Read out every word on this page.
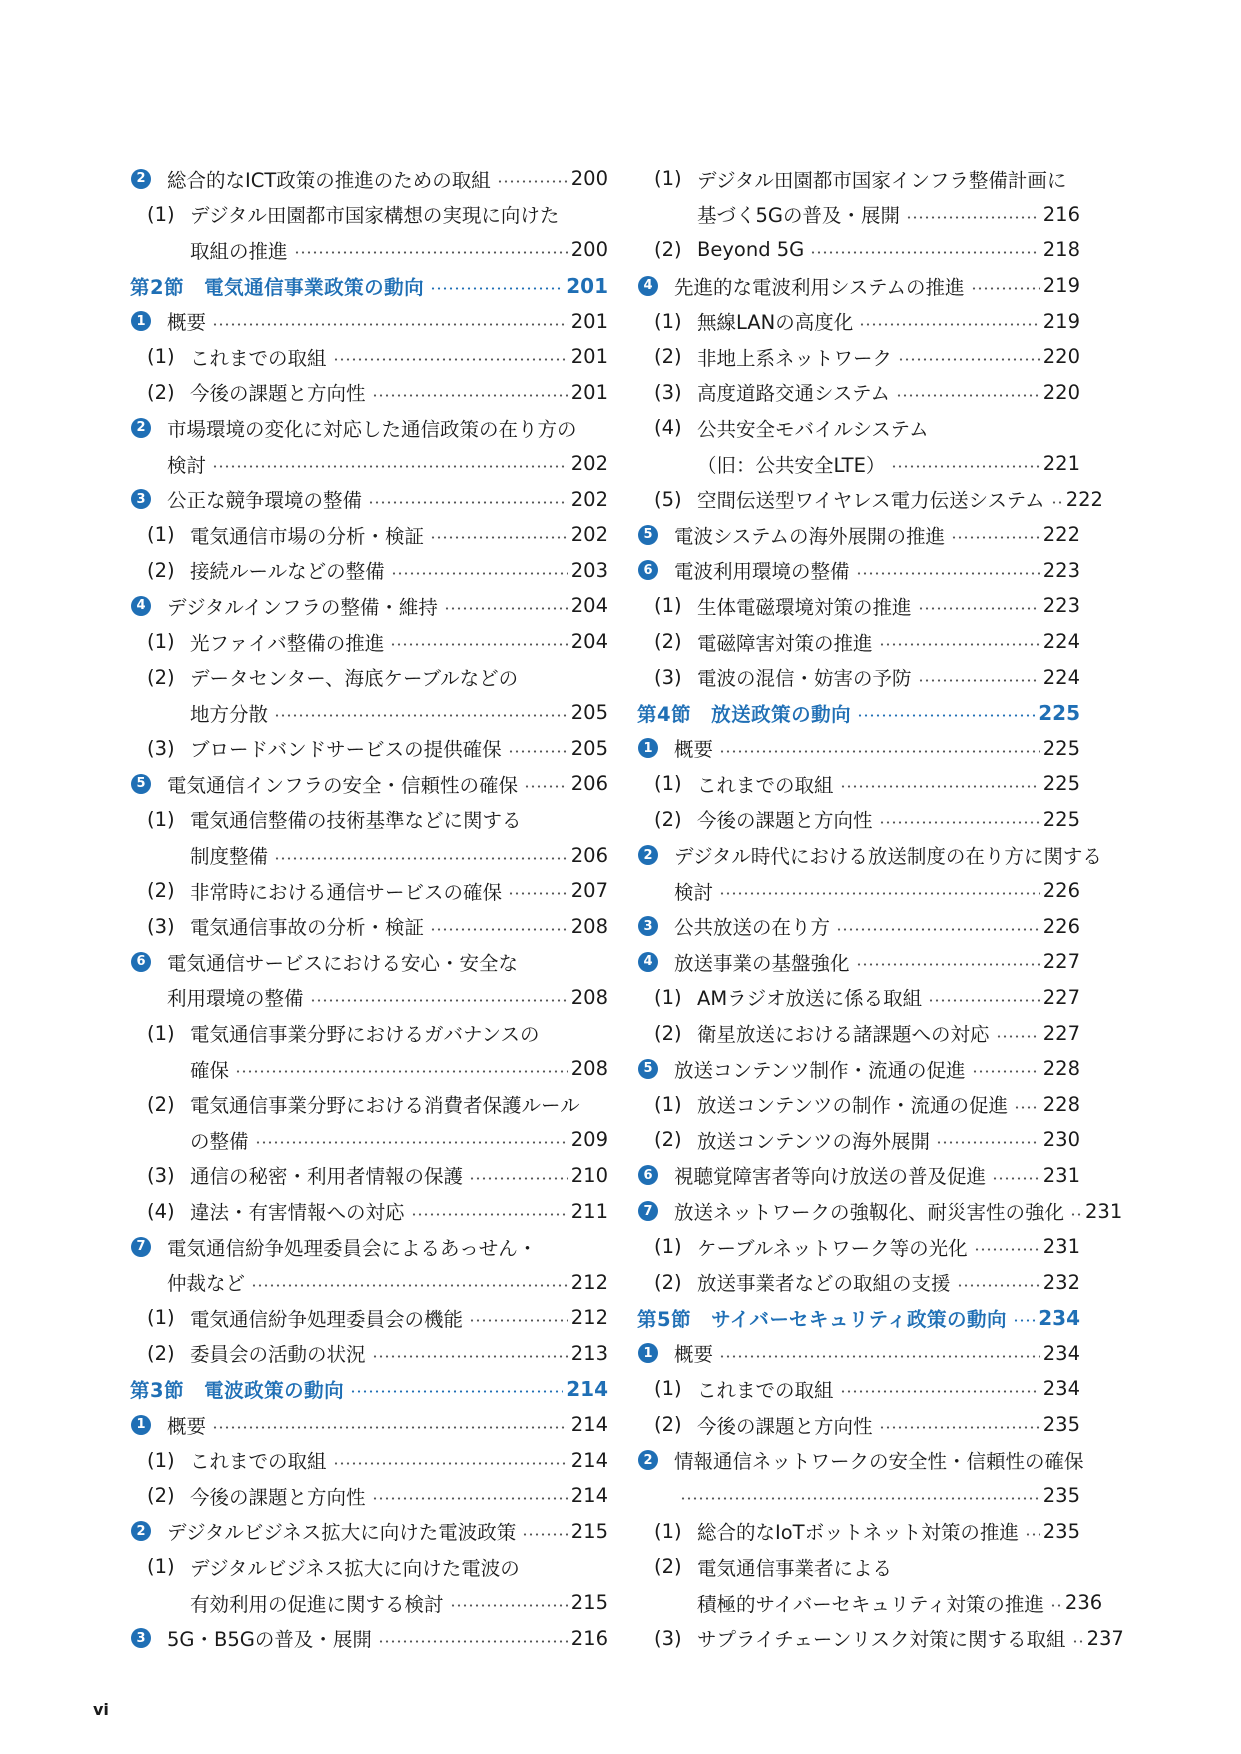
2 総合的なICT政策の推進のための取組	200
(1) デジタル田園都市国家構想の実現に向けた
取組の推進	200
第2節　電気通信事業政策の動向	201
1 概要	201
(1) これまでの取組	201
(2) 今後の課題と方向性	201
2 市場環境の変化に対応した通信政策の在り方の
検討	202
3 公正な競争環境の整備	202
(1) 電気通信市場の分析・検証	202
(2) 接続ルールなどの整備	203
4 デジタルインフラの整備・維持	204
(1) 光ファイバ整備の推進	204
(2) データセンター、海底ケーブルなどの
地方分散	205
(3) ブロードバンドサービスの提供確保	205
5 電気通信インフラの安全・信頼性の確保	206
(1) 電気通信整備の技術基準などに関する
制度整備	206
(2) 非常時における通信サービスの確保	207
(3) 電気通信事故の分析・検証	208
6 電気通信サービスにおける安心・安全な
利用環境の整備	208
(1) 電気通信事業分野におけるガバナンスの
確保	208
(2) 電気通信事業分野における消費者保護ルール
の整備	209
(3) 通信の秘密・利用者情報の保護	210
(4) 違法・有害情報への対応	211
7 電気通信紛争処理委員会によるあっせん・
仲裁など	212
(1) 電気通信紛争処理委員会の機能	212
(2) 委員会の活動の状況	213
第3節　電波政策の動向	214
1 概要	214
(1) これまでの取組	214
(2) 今後の課題と方向性	214
2 デジタルビジネス拡大に向けた電波政策	215
(1) デジタルビジネス拡大に向けた電波の
有効利用の促進に関する検討	215
3 5G・B5Gの普及・展開	216
(1) デジタル田園都市国家インフラ整備計画に
基づく5Gの普及・展開	216
(2) Beyond 5G	218
4 先進的な電波利用システムの推進	219
(1) 無線LANの高度化	219
(2) 非地上系ネットワーク	220
(3) 高度道路交通システム	220
(4) 公共安全モバイルシステム
（旧：公共安全LTE）	221
(5) 空間伝送型ワイヤレス電力伝送システム 222
5 電波システムの海外展開の推進	222
6 電波利用環境の整備	223
(1) 生体電磁環境対策の推進	223
(2) 電磁障害対策の推進	224
(3) 電波の混信・妨害の予防	224
第4節　放送政策の動向	225
1 概要	225
(1) これまでの取組	225
(2) 今後の課題と方向性	225
2 デジタル時代における放送制度の在り方に関する
検討	226
3 公共放送の在り方	226
4 放送事業の基盤強化	227
(1) AMラジオ放送に係る取組	227
(2) 衛星放送における諸課題への対応	227
5 放送コンテンツ制作・流通の促進	228
(1) 放送コンテンツの制作・流通の促進 228
(2) 放送コンテンツの海外展開	230
6 視聴覚障害者等向け放送の普及促進	231
7 放送ネットワークの強靱化、耐災害性の強化 231
(1) ケーブルネットワーク等の光化	231
(2) 放送事業者などの取組の支援	232
第5節　サイバーセキュリティ政策の動向 234
1 概要	234
(1) これまでの取組	234
(2) 今後の課題と方向性	235
2 情報通信ネットワークの安全性・信頼性の確保
235
(1) 総合的なIoTボットネット対策の推進 235
(2) 電気通信事業者による
積極的サイバーセキュリティ対策の推進 236
(3) サプライチェーンリスク対策に関する取組 237
vi
